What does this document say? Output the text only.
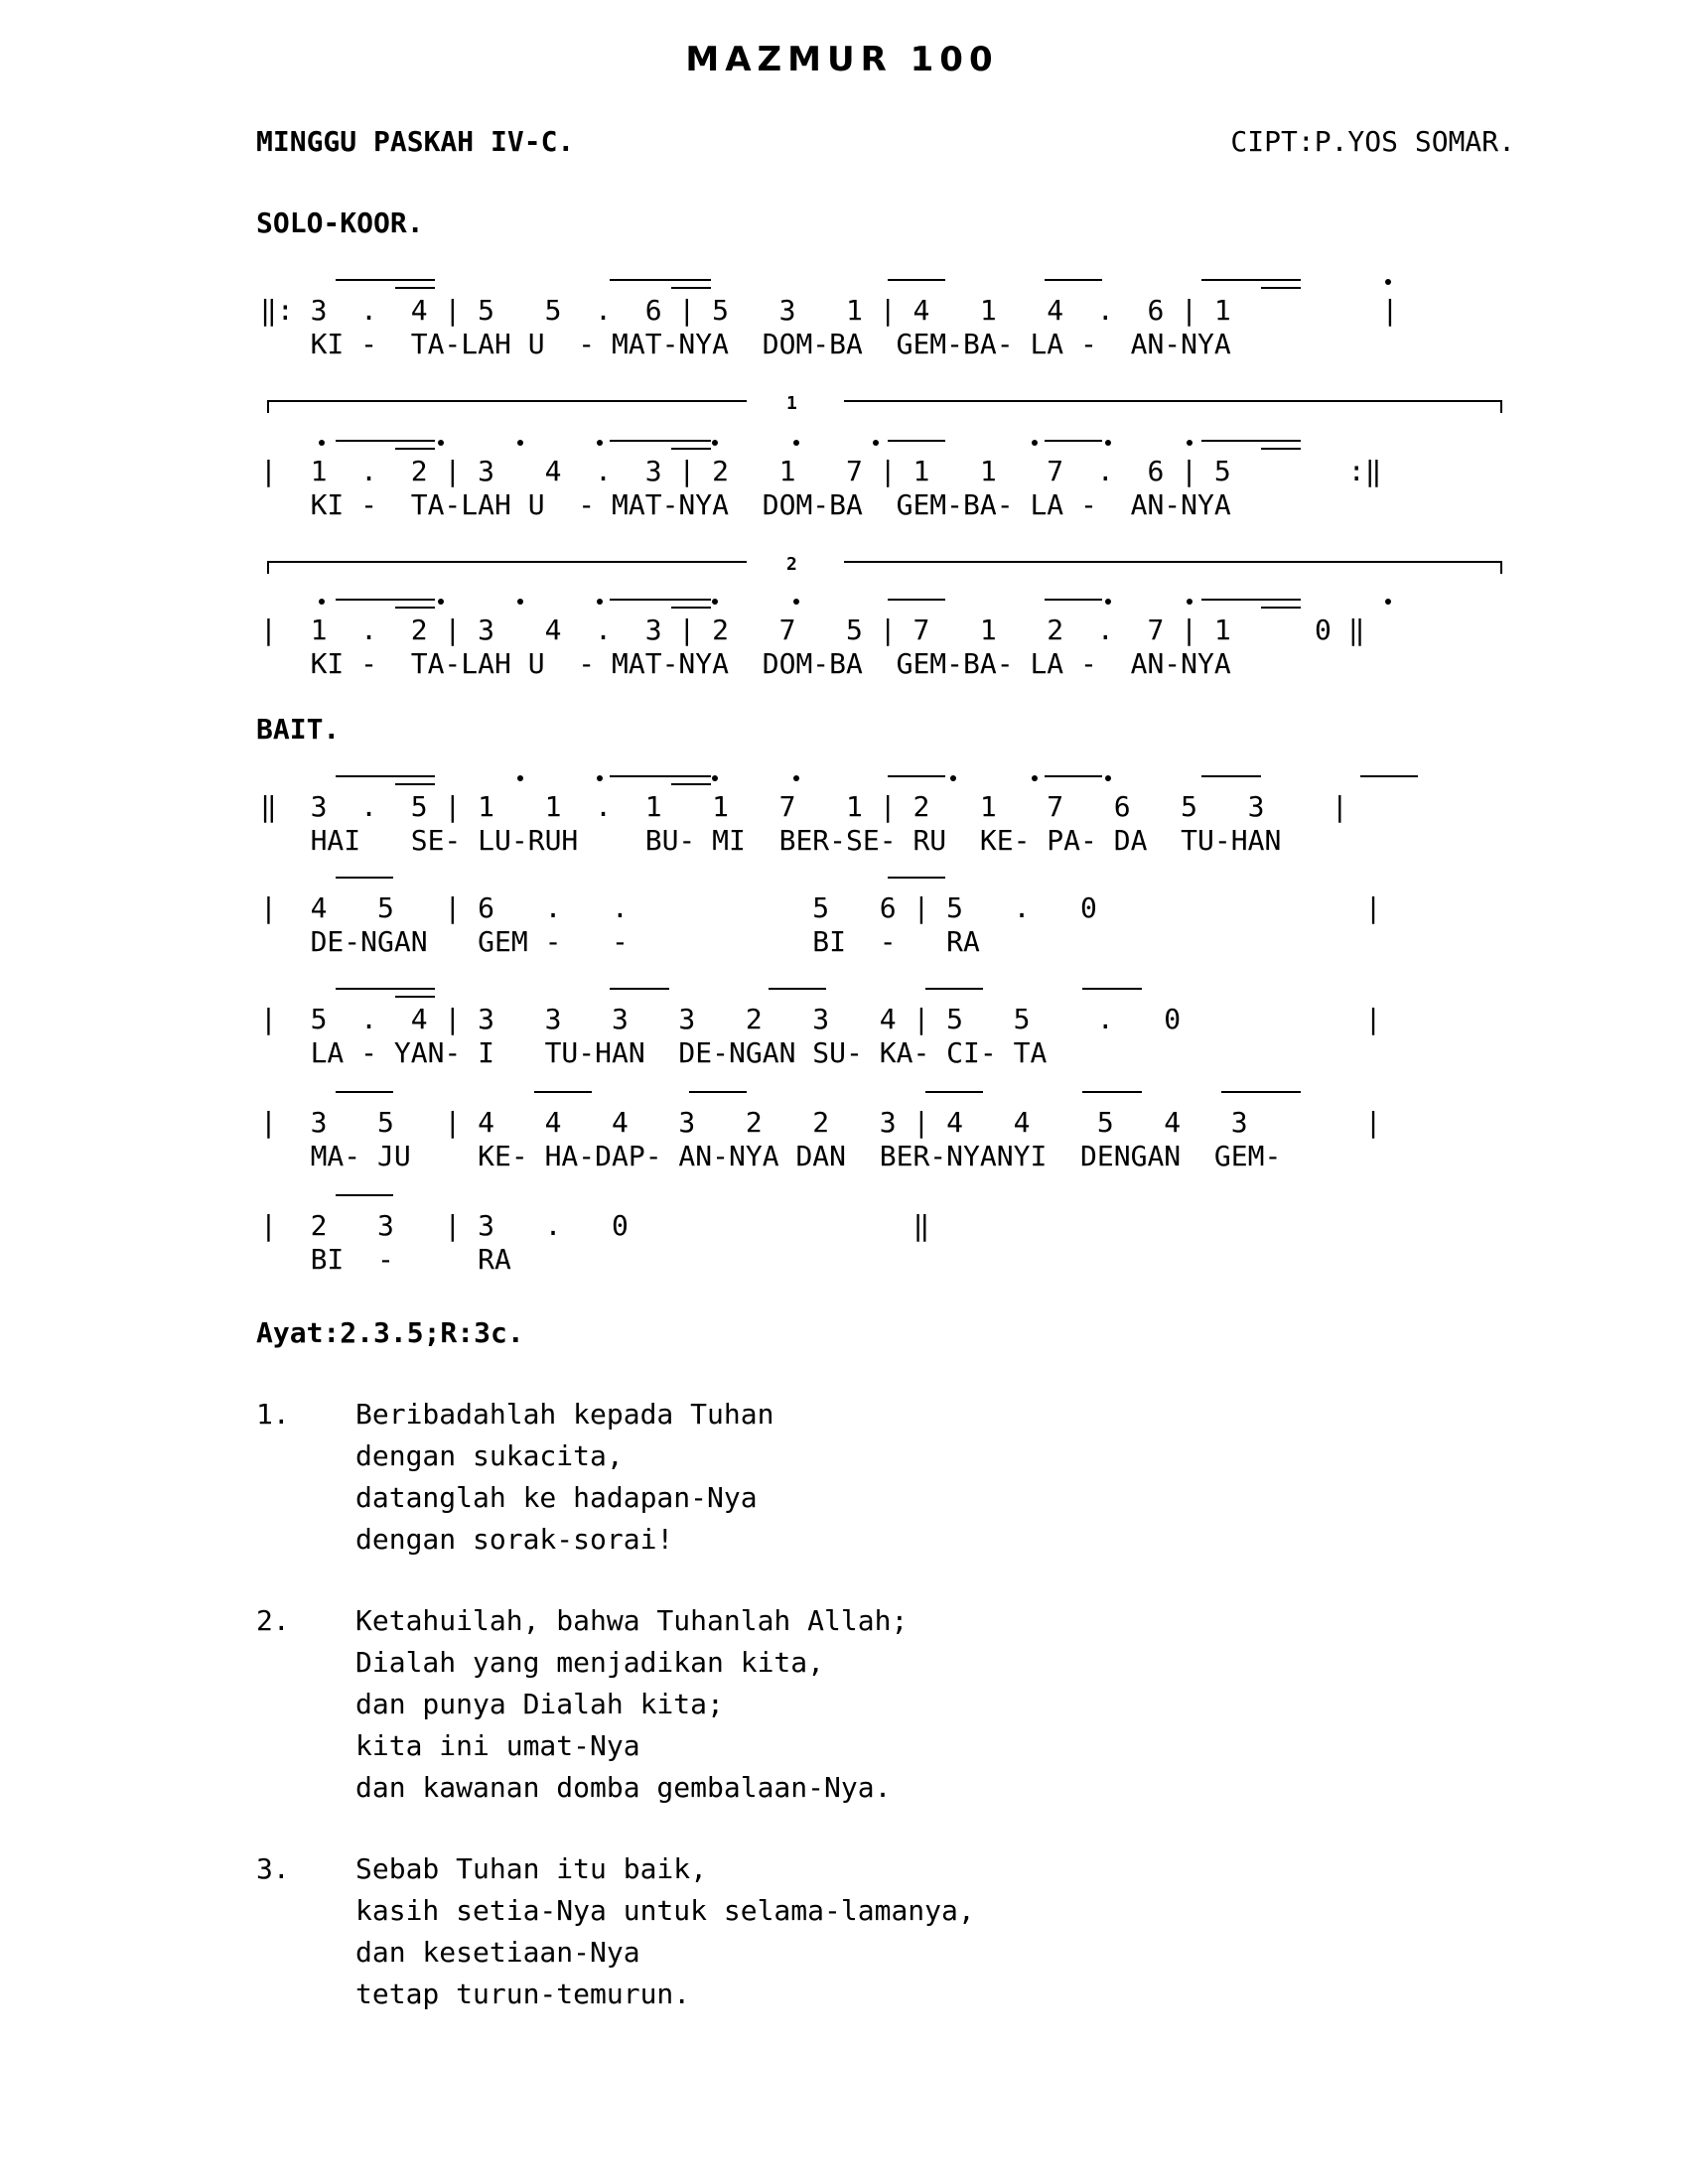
MAZMUR 100
MINGGU PASKAH IV-C.	CIPT:P.YOS SOMAR.
SOLO-KOOR.
‖: 3  .  4 | 5   5  .  6 | 5   3   1 | 4   1   4  .  6 | 1         |
KI -  TA-LAH U  - MAT-NYA  DOM-BA  GEM-BA- LA -  AN-NYA
1
|  1  .  2 | 3   4  .  3 | 2   1   7 | 1   1   7  .  6 | 5       :‖
KI -  TA-LAH U  - MAT-NYA  DOM-BA  GEM-BA- LA -  AN-NYA
2
|  1  .  2 | 3   4  .  3 | 2   7   5 | 7   1   2  .  7 | 1     0 ‖
KI -  TA-LAH U  - MAT-NYA  DOM-BA  GEM-BA- LA -  AN-NYA
BAIT.
‖  3  .  5 | 1   1  .  1   1   7   1 | 2   1   7   6   5   3    |
HAI   SE- LU-RUH    BU- MI  BER-SE- RU  KE- PA- DA  TU-HAN
|  4   5   | 6   .   .           5   6 | 5   .   0                |
DE-NGAN   GEM -   -           BI  -   RA
|  5  .  4 | 3   3   3   3   2   3   4 | 5   5    .   0           |
LA - YAN- I   TU-HAN  DE-NGAN SU- KA- CI- TA
|  3   5   | 4   4   4   3   2   2   3 | 4   4    5   4   3       |
MA- JU    KE- HA-DAP- AN-NYA DAN  BER-NYANYI  DENGAN  GEM-
|  2   3   | 3   .   0                 ‖
BI  -     RA
Ayat:2.3.5;R:3c.
1. Beribadahlah kepada Tuhan
dengan sukacita,
datanglah ke hadapan-Nya
dengan sorak-sorai!
2. Ketahuilah, bahwa Tuhanlah Allah;
Dialah yang menjadikan kita,
dan punya Dialah kita;
kita ini umat-Nya
dan kawanan domba gembalaan-Nya.
3. Sebab Tuhan itu baik,
kasih setia-Nya untuk selama-lamanya,
dan kesetiaan-Nya
tetap turun-temurun.
